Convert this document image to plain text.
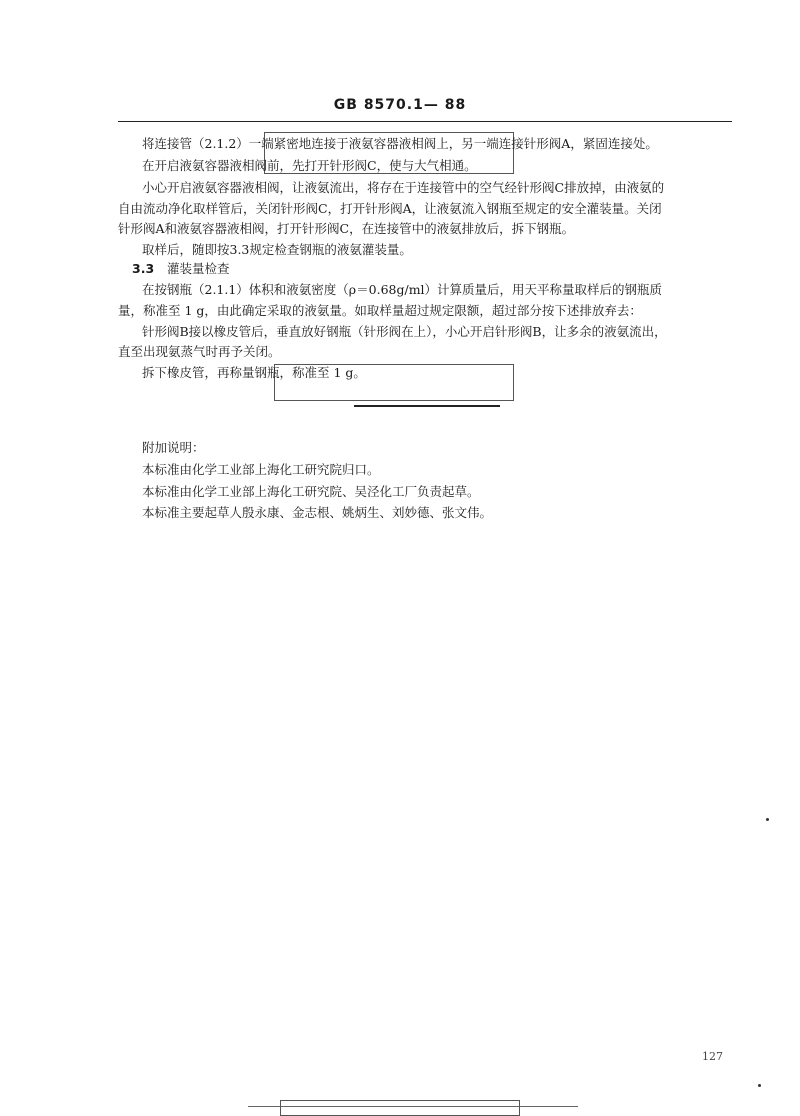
GB 8570.1— 88
将连接管（2.1.2）一端紧密地连接于液氨容器液相阀上，另一端连接针形阀A，紧固连接处。
在开启液氨容器液相阀前，先打开针形阀C，使与大气相通。
小心开启液氨容器液相阀，让液氨流出，将存在于连接管中的空气经针形阀C排放掉，由液氨的
自由流动净化取样管后，关闭针形阀C，打开针形阀A，让液氨流入钢瓶至规定的安全灌装量。关闭
针形阀A和液氨容器液相阀，打开针形阀C，在连接管中的液氨排放后，拆下钢瓶。
取样后，随即按3.3规定检查钢瓶的液氨灌装量。
3.3 灌装量检查
在按钢瓶（2.1.1）体积和液氨密度（ρ＝0.68g/ml）计算质量后，用天平称量取样后的钢瓶质
量，称准至 1 g，由此确定采取的液氨量。如取样量超过规定限额，超过部分按下述排放弃去：
针形阀B接以橡皮管后，垂直放好钢瓶（针形阀在上），小心开启针形阀B，让多余的液氨流出，
直至出现氨蒸气时再予关闭。
拆下橡皮管，再称量钢瓶，称准至 1 g。
附加说明：
本标准由化学工业部上海化工研究院归口。
本标准由化学工业部上海化工研究院、吴泾化工厂负责起草。
本标准主要起草人殷永康、金志根、姚炳生、刘妙德、张文伟。
127
